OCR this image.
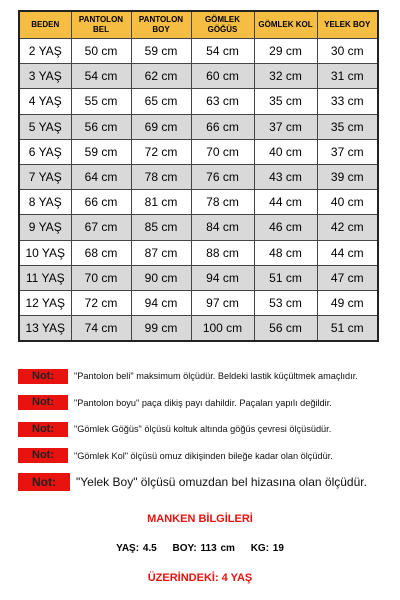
BEDEN	PANTOLON BEL	PANTOLON BOY	GÖMLEK GÖĞÜS	GÖMLEK KOL	YELEK BOY
2 YAŞ	50 cm	59 cm	54 cm	29 cm	30 cm
3 YAŞ	54 cm	62 cm	60 cm	32 cm	31 cm
4 YAŞ	55 cm	65 cm	63 cm	35 cm	33 cm
5 YAŞ	56 cm	69 cm	66 cm	37 cm	35 cm
6 YAŞ	59 cm	72 cm	70 cm	40 cm	37 cm
7 YAŞ	64 cm	78 cm	76 cm	43 cm	39 cm
8 YAŞ	66 cm	81 cm	78 cm	44 cm	40 cm
9 YAŞ	67 cm	85 cm	84 cm	46 cm	42 cm
10 YAŞ	68 cm	87 cm	88 cm	48 cm	44 cm
11 YAŞ	70 cm	90 cm	94 cm	51 cm	47 cm
12 YAŞ	72 cm	94 cm	97 cm	53 cm	49 cm
13 YAŞ	74 cm	99 cm	100 cm	56 cm	51 cm
Not:	"Pantolon beli" maksimum ölçüdür. Beldeki lastik küçültmek amaçlıdır.
Not:	"Pantolon boyu" paça dikiş payı dahildir. Paçaları yapılı değildir.
Not:	"Gömlek Göğüs" ölçüsü koltuk altında göğüs çevresi ölçüsüdür.
Not:	"Gömlek Kol" ölçüsü omuz dikişinden bileğe kadar olan ölçüdür.
Not:	"Yelek Boy" ölçüsü omuzdan bel hizasına olan ölçüdür.
MANKEN BİLGİLERİ
YAŞ: 4.5 BOY: 113 cm KG: 19
ÜZERİNDEKİ: 4 YAŞ
